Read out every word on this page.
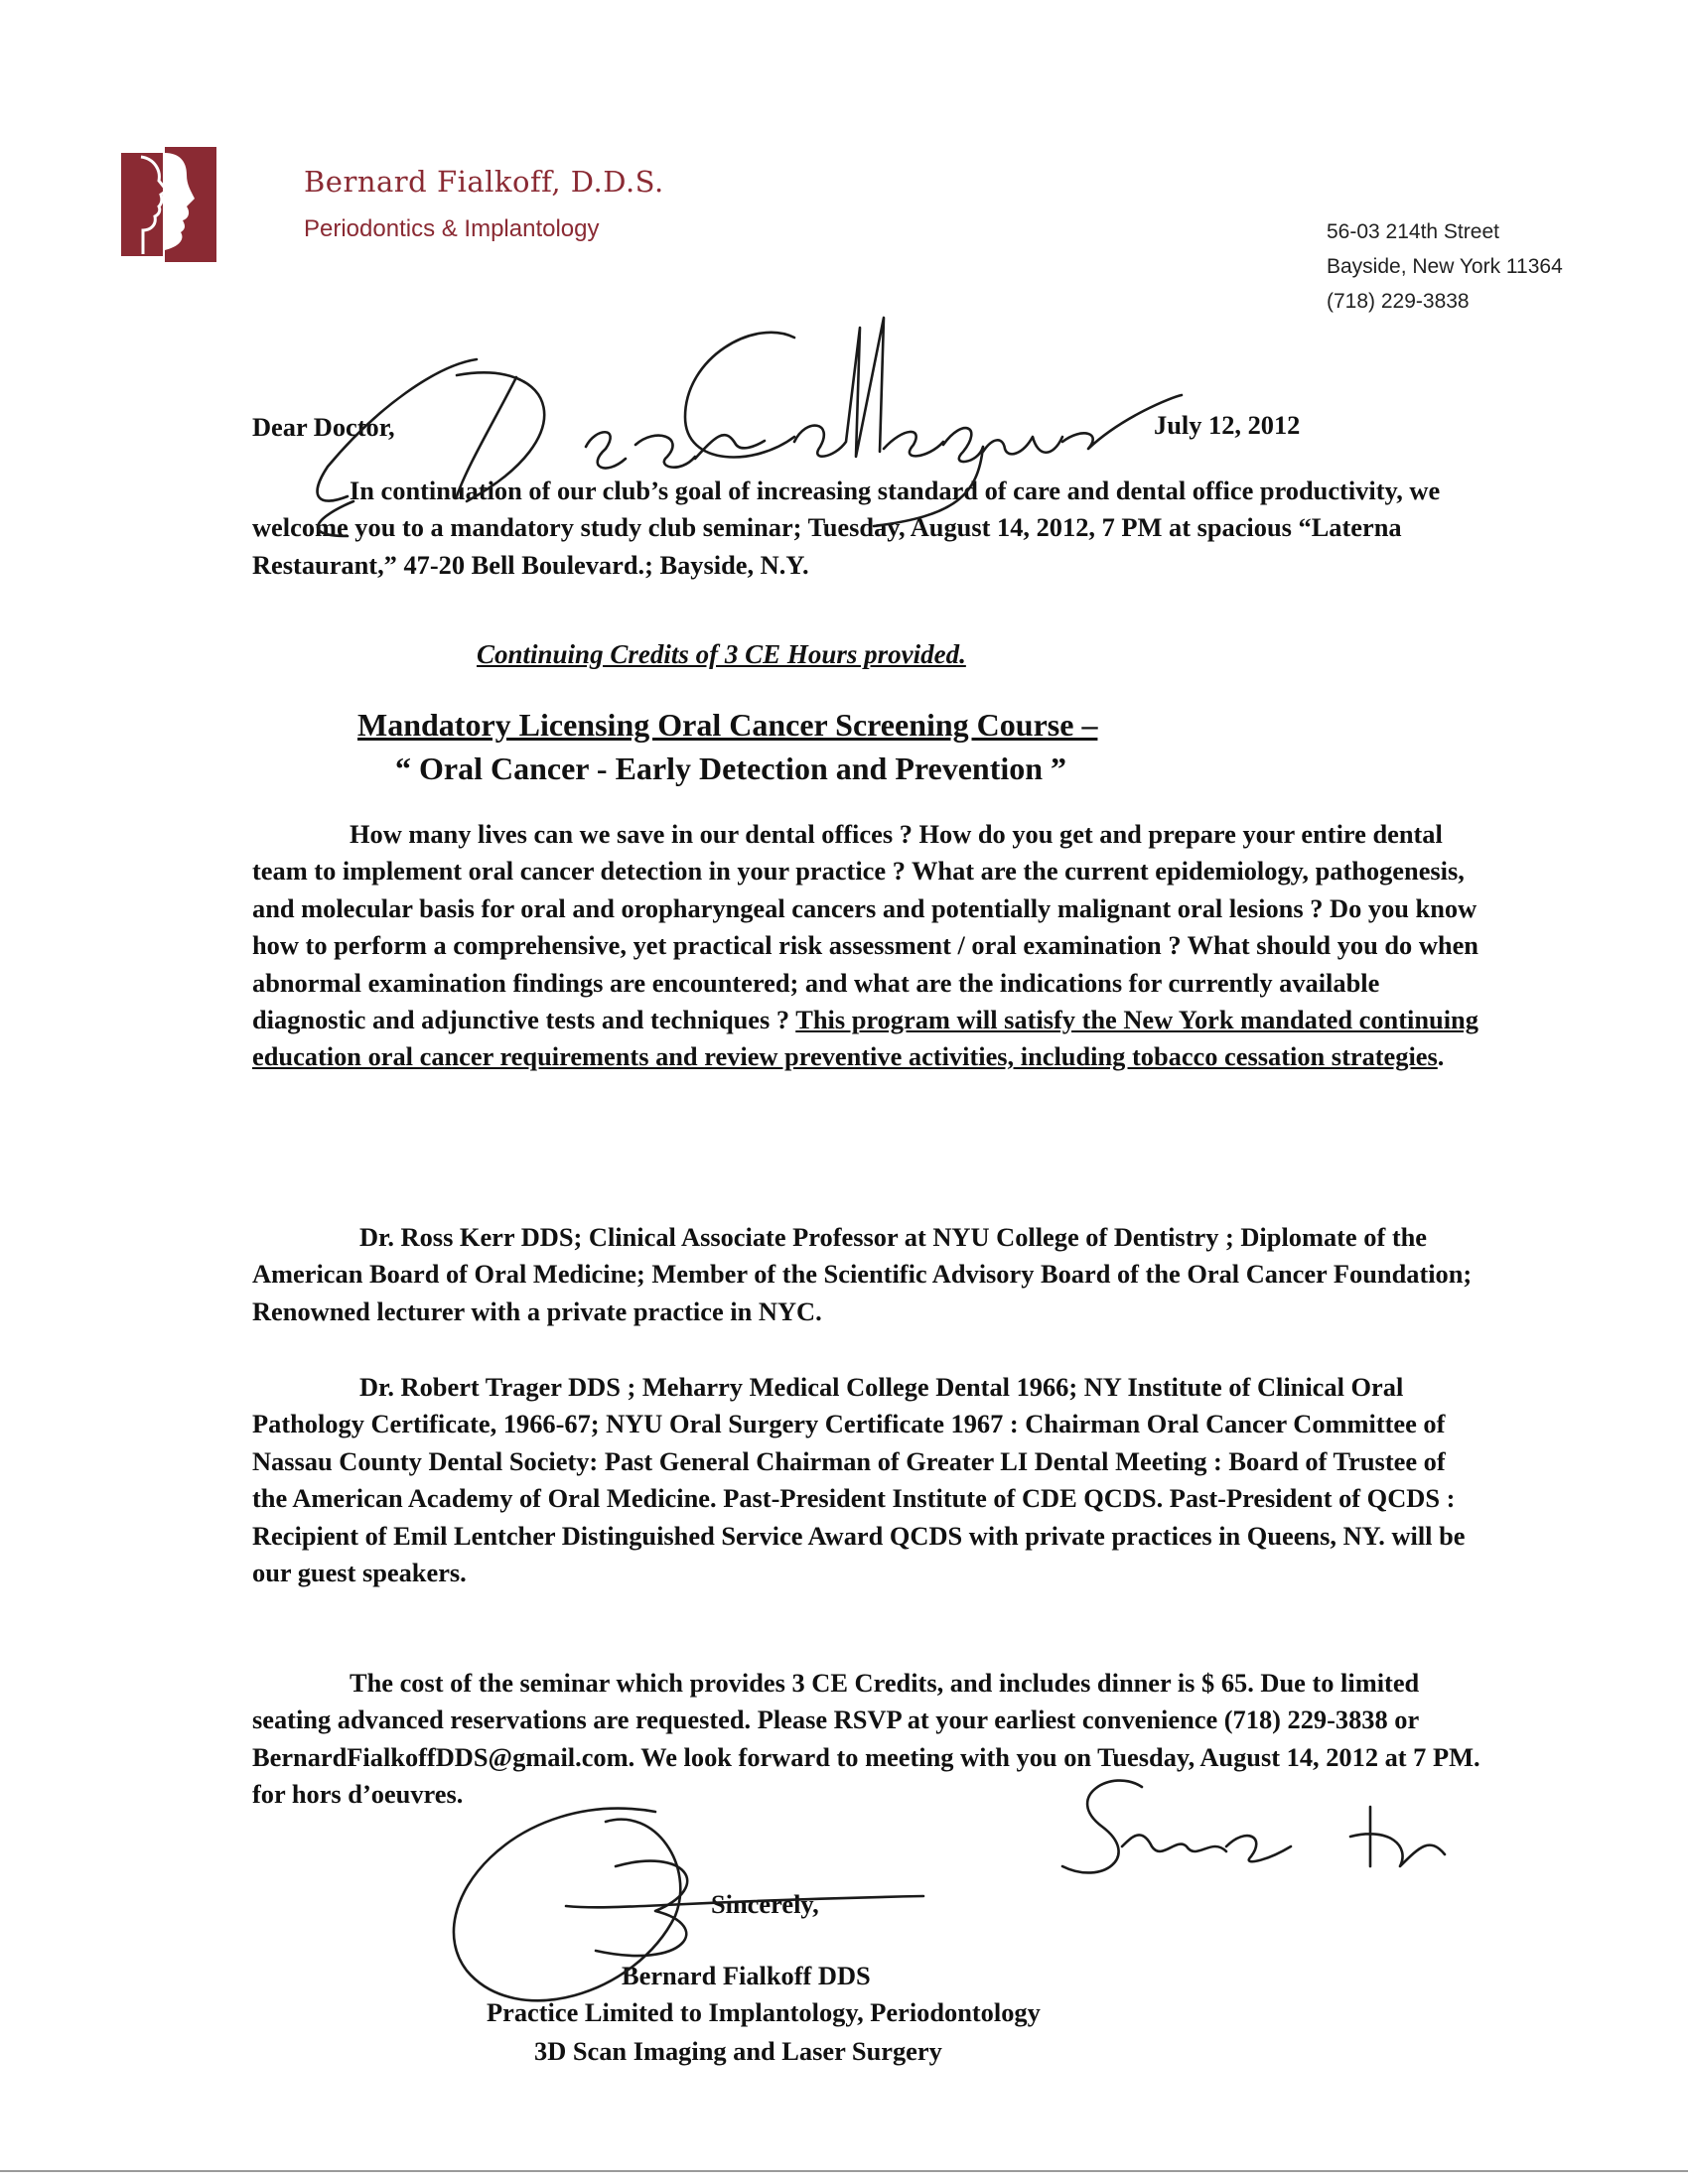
Bernard Fialkoff, D.D.S.
Periodontics & Implantology	56-03 214th Street
Bayside, New York 11364
(718) 229-3838
Dear Doctor,	July 12, 2012
In continuation of our club’s goal of increasing standard of care and dental office productivity, we welcome you to a mandatory study club seminar; Tuesday, August 14, 2012, 7 PM at spacious “Laterna Restaurant,” 47-20 Bell Boulevard.; Bayside, N.Y.
Continuing Credits of 3 CE Hours provided.
Mandatory Licensing Oral Cancer Screening Course –
“ Oral Cancer - Early Detection and Prevention ”
How many lives can we save in our dental offices ? How do you get and prepare your entire dental team to implement oral cancer detection in your practice ? What are the current epidemiology, pathogenesis, and molecular basis for oral and oropharyngeal cancers and potentially malignant oral lesions ? Do you know how to perform a comprehensive, yet practical risk assessment / oral examination ? What should you do when abnormal examination findings are encountered; and what are the indications for currently available diagnostic and adjunctive tests and techniques ? This program will satisfy the New York mandated continuing education oral cancer requirements and review preventive activities, including tobacco cessation strategies.
Dr. Ross Kerr DDS; Clinical Associate Professor at NYU College of Dentistry ; Diplomate of the American Board of Oral Medicine; Member of the Scientific Advisory Board of the Oral Cancer Foundation; Renowned lecturer with a private practice in NYC.
Dr. Robert Trager DDS ; Meharry Medical College Dental 1966; NY Institute of Clinical Oral Pathology Certificate, 1966-67; NYU Oral Surgery Certificate 1967 : Chairman Oral Cancer Committee of Nassau County Dental Society: Past General Chairman of Greater LI Dental Meeting : Board of Trustee of the American Academy of Oral Medicine. Past-President Institute of CDE QCDS. Past-President of QCDS : Recipient of Emil Lentcher Distinguished Service Award QCDS with private practices in Queens, NY. will be our guest speakers.
The cost of the seminar which provides 3 CE Credits, and includes dinner is $ 65. Due to limited seating advanced reservations are requested. Please RSVP at your earliest convenience (718) 229-3838 or BernardFialkoffDDS@gmail.com. We look forward to meeting with you on Tuesday, August 14, 2012 at 7 PM. for hors d’oeuvres.
Sincerely,
Bernard Fialkoff DDS
Practice Limited to Implantology, Periodontology
3D Scan Imaging and Laser Surgery
